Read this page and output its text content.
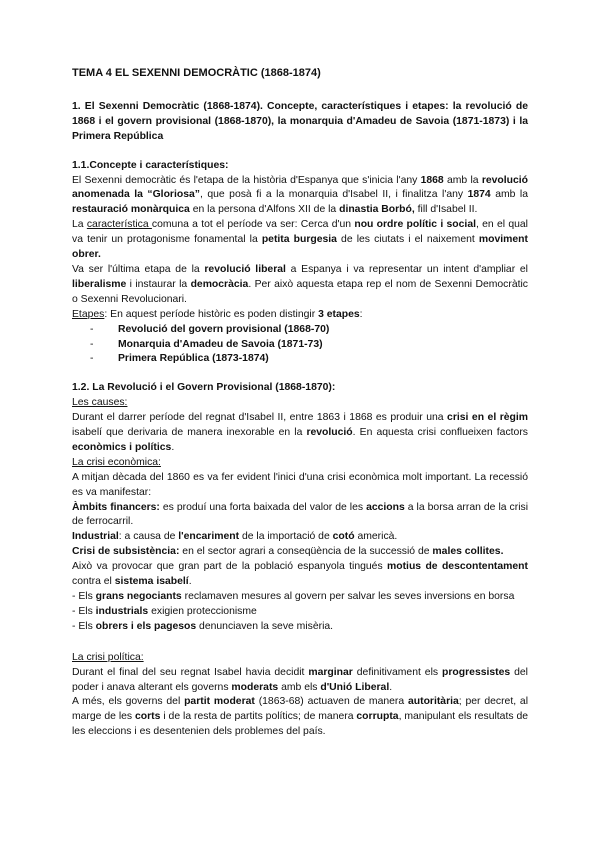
TEMA 4 EL SEXENNI DEMOCRÀTIC (1868-1874)
1. El Sexenni Democràtic (1868-1874). Concepte, característiques i etapes: la revolució de 1868 i el govern provisional (1868-1870), la monarquia d'Amadeu de Savoia (1871-1873) i la Primera República
1.1.Concepte i característiques:

El Sexenni democràtic és l'etapa de la història d'Espanya que s'inicia l'any 1868 amb la revolució anomenada la “Gloriosa”, que posà fi a la monarquia d'Isabel II, i finalitza l'any 1874 amb la restauració monàrquica en la persona d'Alfons XII de la dinastia Borbó, fill d'Isabel II.

La característica comuna a tot el període va ser: Cerca d'un nou ordre polític i social, en el qual va tenir un protagonisme fonamental la petita burgesia de les ciutats i el naixement moviment obrer.

Va ser l'última etapa de la revolució liberal a Espanya i va representar un intent d'ampliar el liberalisme i instaurar la democràcia. Per això aquesta etapa rep el nom de Sexenni Democràtic o Sexenni Revolucionari.

Etapes: En aquest període històric es poden distingir 3 etapes:

- Revolució del govern provisional (1868-70)
- Monarquia d'Amadeu de Savoia (1871-73)
- Primera República (1873-1874)
1.2. La Revolució i el Govern Provisional (1868-1870):

Les causes:

Durant el darrer període del regnat d'Isabel II, entre 1863 i 1868 es produir una crisi en el règim isabelí que derivaria de manera inexorable en la revolució. En aquesta crisi conflueixen factors econòmics i polítics.

La crisi econòmica:

A mitjan dècada del 1860 es va fer evident l'inici d'una crisi econòmica molt important. La recessió es va manifestar:

Àmbits financers: es produí una forta baixada del valor de les accions a la borsa arran de la crisi de ferrocarril.

Industrial: a causa de l'encariment de la importació de cotó americà.

Crisi de subsistència: en el sector agrari a conseqüència de la successió de males collites.

Això va provocar que gran part de la població espanyola tingués motius de descontentament contra el sistema isabelí.

- Els grans negociants reclamaven mesures al govern per salvar les seves inversions en borsa

- Els industrials exigien proteccionisme

- Els obrers i els pagesos denunciaven la seve misèria.

La crisi política:

Durant el final del seu regnat Isabel havia decidit marginar definitivament els progressistes del poder i anava alterant els governs moderats amb els d'Unió Liberal.

A més, els governs del partit moderat (1863-68) actuaven de manera autoritària; per decret, al marge de les corts i de la resta de partits polítics; de manera corrupta, manipulant els resultats de les eleccions i es desentenien dels problemes del país.
